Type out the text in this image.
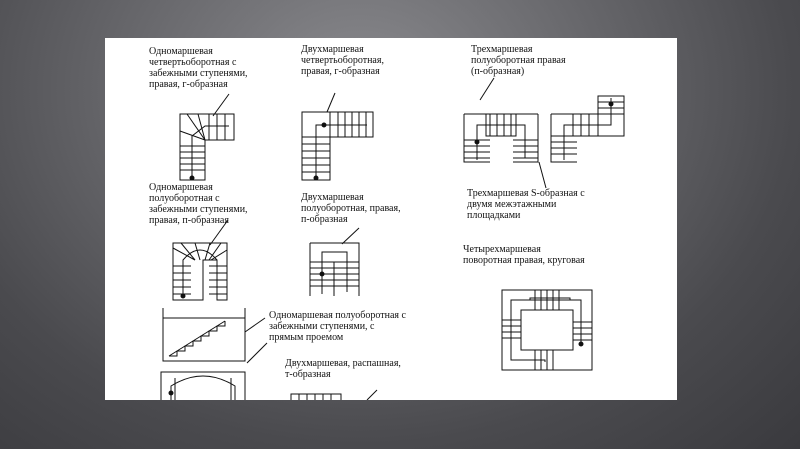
Одномаршевая
четвертьоборотная с
забежными ступенями,
правая, г-образная
Двухмаршевая
четвертьоборотная,
правая, г-образная
Трехмаршевая
полуоборотная правая
(п-образная)
Одномаршевая
полуоборотная с
забежными ступенями,
правая, п-образная
Двухмаршевая
полуоборотная, правая,
п-образная
Трехмаршевая S-образная с
двумя межэтажными
площадками
Четырехмаршевая
поворотная правая, круговая
Одномаршевая полуоборотная с
забежными ступенями, с
прямым проемом
Двухмаршевая, распашная,
т-образная
